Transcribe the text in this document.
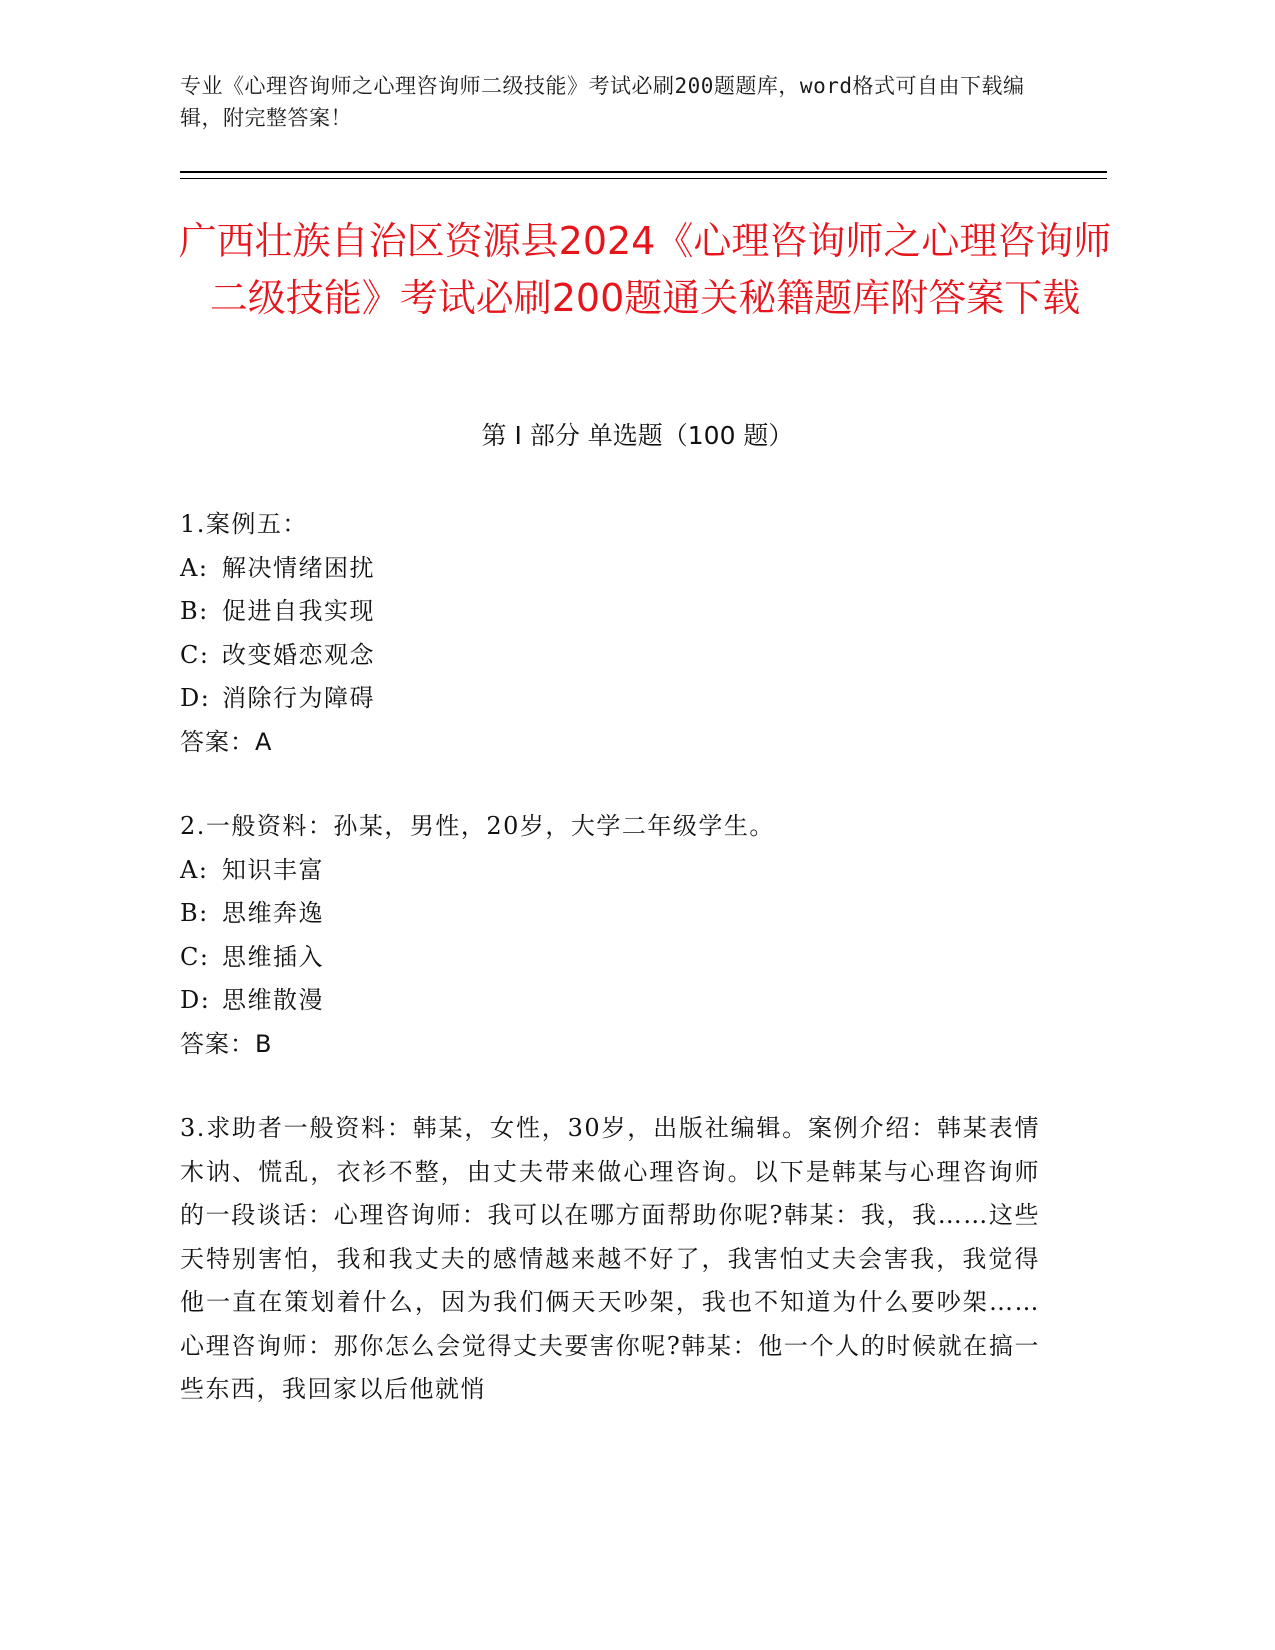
专业《心理咨询师之心理咨询师二级技能》考试必刷200题题库，word格式可自由下载编辑，附完整答案！
广西壮族自治区资源县2024《心理咨询师之心理咨询师二级技能》考试必刷200题通关秘籍题库附答案下载
第 I 部分 单选题（100 题）
1.案例五：
A: 解决情绪困扰
B: 促进自我实现
C: 改变婚恋观念
D: 消除行为障碍
答案：A
2.一般资料：孙某，男性，20岁，大学二年级学生。
A: 知识丰富
B: 思维奔逸
C: 思维插入
D: 思维散漫
答案：B
3.求助者一般资料：韩某，女性，30岁，出版社编辑。案例介绍：韩某表情木讷、慌乱，衣衫不整，由丈夫带来做心理咨询。以下是韩某与心理咨询师的一段谈话：心理咨询师：我可以在哪方面帮助你呢?韩某：我，我……这些天特别害怕，我和我丈夫的感情越来越不好了，我害怕丈夫会害我，我觉得他一直在策划着什么，因为我们俩天天吵架，我也不知道为什么要吵架……心理咨询师：那你怎么会觉得丈夫要害你呢?韩某：他一个人的时候就在搞一些东西，我回家以后他就悄
